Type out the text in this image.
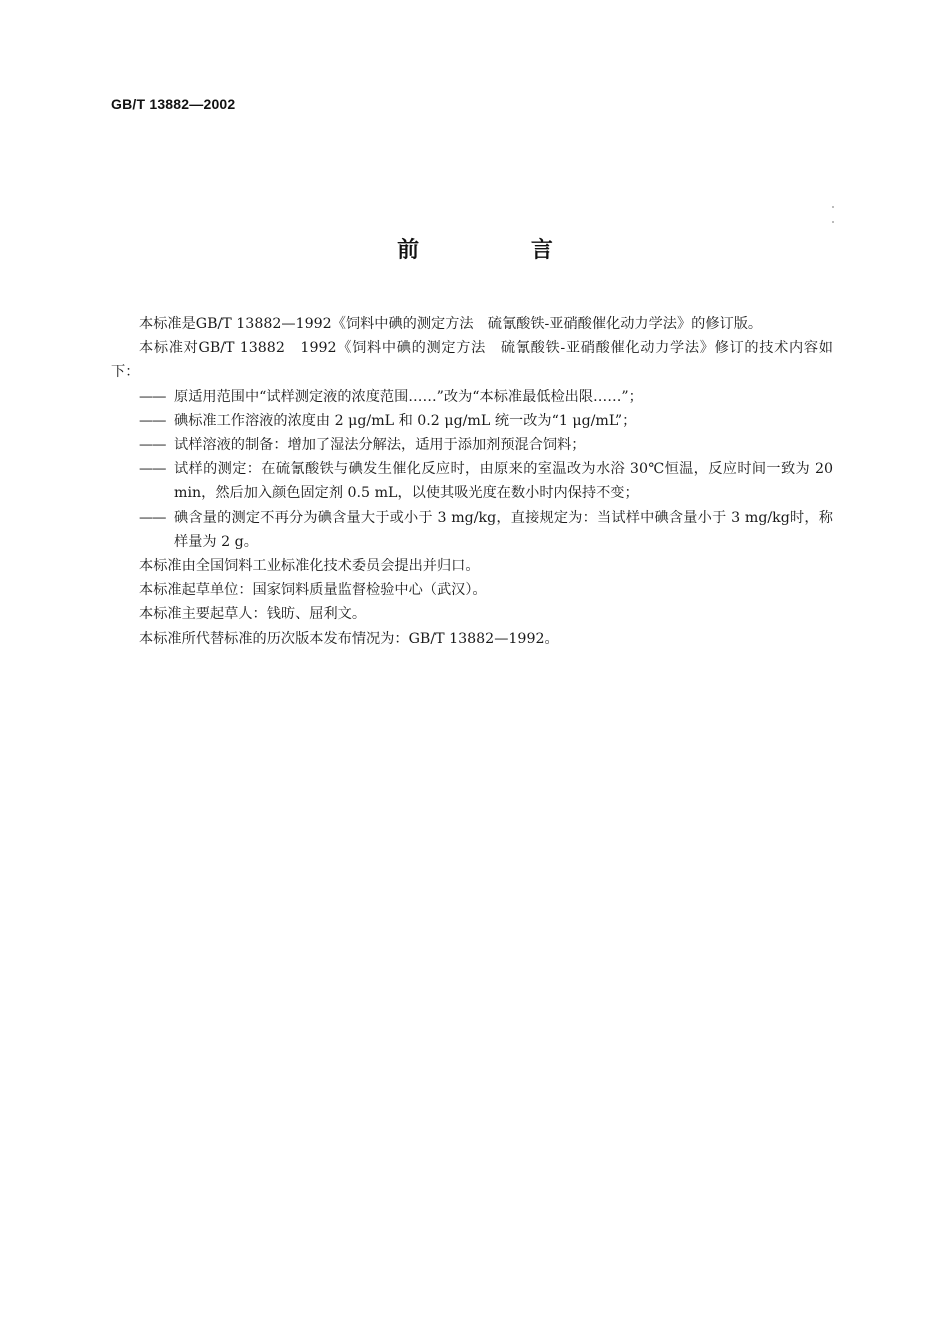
GB/T 13882—2002
前 言

本标准是GB/T 13882—1992《饲料中碘的测定方法　硫氰酸铁-亚硝酸催化动力学法》的修订版。

本标准对GB/T 13882　1992《饲料中碘的测定方法　硫氰酸铁-亚硝酸催化动力学法》修订的技术内容如下：

—— 原适用范围中“试样测定液的浓度范围……”改为“本标准最低检出限……”；

—— 碘标准工作溶液的浓度由 2 μg/mL 和 0.2 μg/mL 统一改为“1 μg/mL”；

—— 试样溶液的制备：增加了湿法分解法，适用于添加剂预混合饲料；

—— 试样的测定：在硫氰酸铁与碘发生催化反应时，由原来的室温改为水浴 30℃恒温，反应时间一致为 20 min，然后加入颜色固定剂 0.5 mL，以使其吸光度在数小时内保持不变；

—— 碘含量的测定不再分为碘含量大于或小于 3 mg/kg，直接规定为：当试样中碘含量小于 3 mg/kg时，称样量为 2 g。

本标准由全国饲料工业标准化技术委员会提出并归口。

本标准起草单位：国家饲料质量监督检验中心（武汉）。

本标准主要起草人：钱昉、屈利文。

本标准所代替标准的历次版本发布情况为：GB/T 13882—1992。
